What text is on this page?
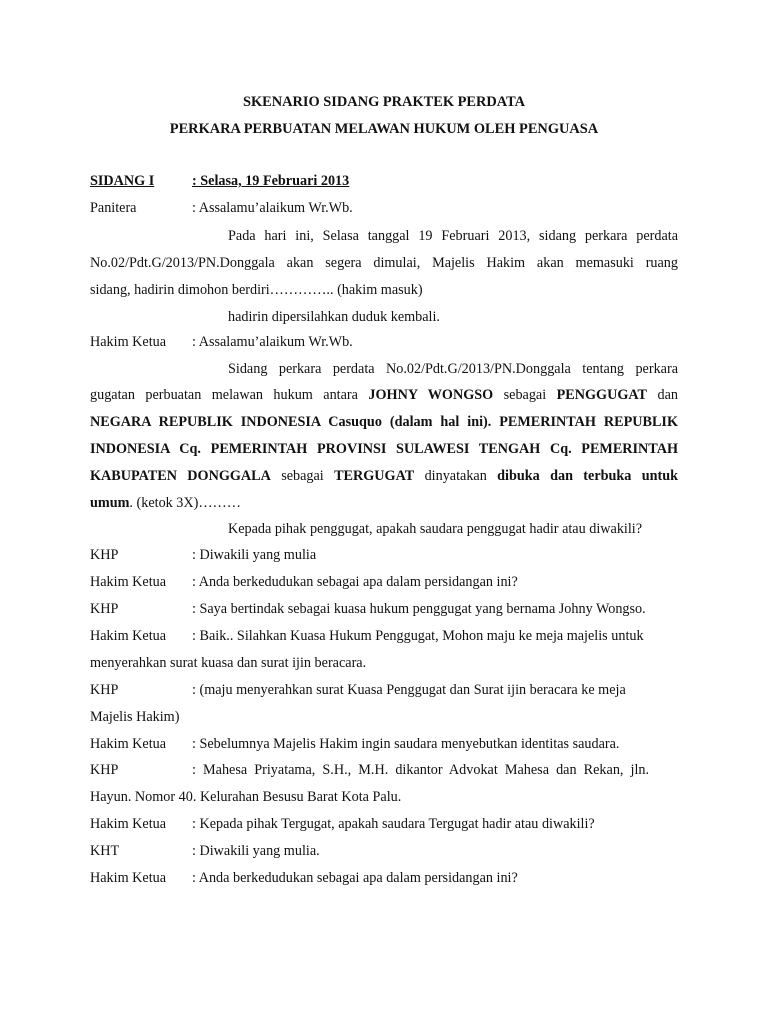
SKENARIO SIDANG PRAKTEK PERDATA
PERKARA PERBUATAN MELAWAN HUKUM OLEH PENGUASA
SIDANG I	: Selasa, 19 Februari 2013
Panitera	: Assalamu’alaikum Wr.Wb.
Pada hari ini, Selasa tanggal 19 Februari 2013, sidang perkara perdata
No.02/Pdt.G/2013/PN.Donggala akan segera dimulai, Majelis Hakim akan memasuki ruang
sidang, hadirin dimohon berdiri………….. (hakim masuk)
hadirin dipersilahkan duduk kembali.
Hakim Ketua : Assalamu’alaikum Wr.Wb.
Sidang perkara perdata No.02/Pdt.G/2013/PN.Donggala tentang perkara
gugatan perbuatan melawan hukum antara JOHNY WONGSO sebagai PENGGUGAT dan
NEGARA REPUBLIK INDONESIA Casuquo (dalam hal ini). PEMERINTAH REPUBLIK
INDONESIA Cq. PEMERINTAH PROVINSI SULAWESI TENGAH Cq. PEMERINTAH
KABUPATEN DONGGALA sebagai TERGUGAT dinyatakan dibuka dan terbuka untuk
umum. (ketok 3X)………
Kepada pihak penggugat, apakah saudara penggugat hadir atau diwakili?
KHP	: Diwakili yang mulia
Hakim Ketua : Anda berkedudukan sebagai apa dalam persidangan ini?
KHP	: Saya bertindak sebagai kuasa hukum penggugat yang bernama Johny Wongso.
Hakim Ketua : Baik.. Silahkan Kuasa Hukum Penggugat, Mohon maju ke meja majelis untuk
menyerahkan surat kuasa dan surat ijin beracara.
KHP	: (maju menyerahkan surat Kuasa Penggugat dan Surat ijin beracara ke meja
Majelis Hakim)
Hakim Ketua : Sebelumnya Majelis Hakim ingin saudara menyebutkan identitas saudara.
KHP	:  Mahesa  Priyatama,  S.H.,  M.H.  dikantor  Advokat  Mahesa  dan  Rekan,  jln.
Hayun. Nomor 40. Kelurahan Besusu Barat Kota Palu.
Hakim Ketua : Kepada pihak Tergugat, apakah saudara Tergugat hadir atau diwakili?
KHT	: Diwakili yang mulia.
Hakim Ketua : Anda berkedudukan sebagai apa dalam persidangan ini?
